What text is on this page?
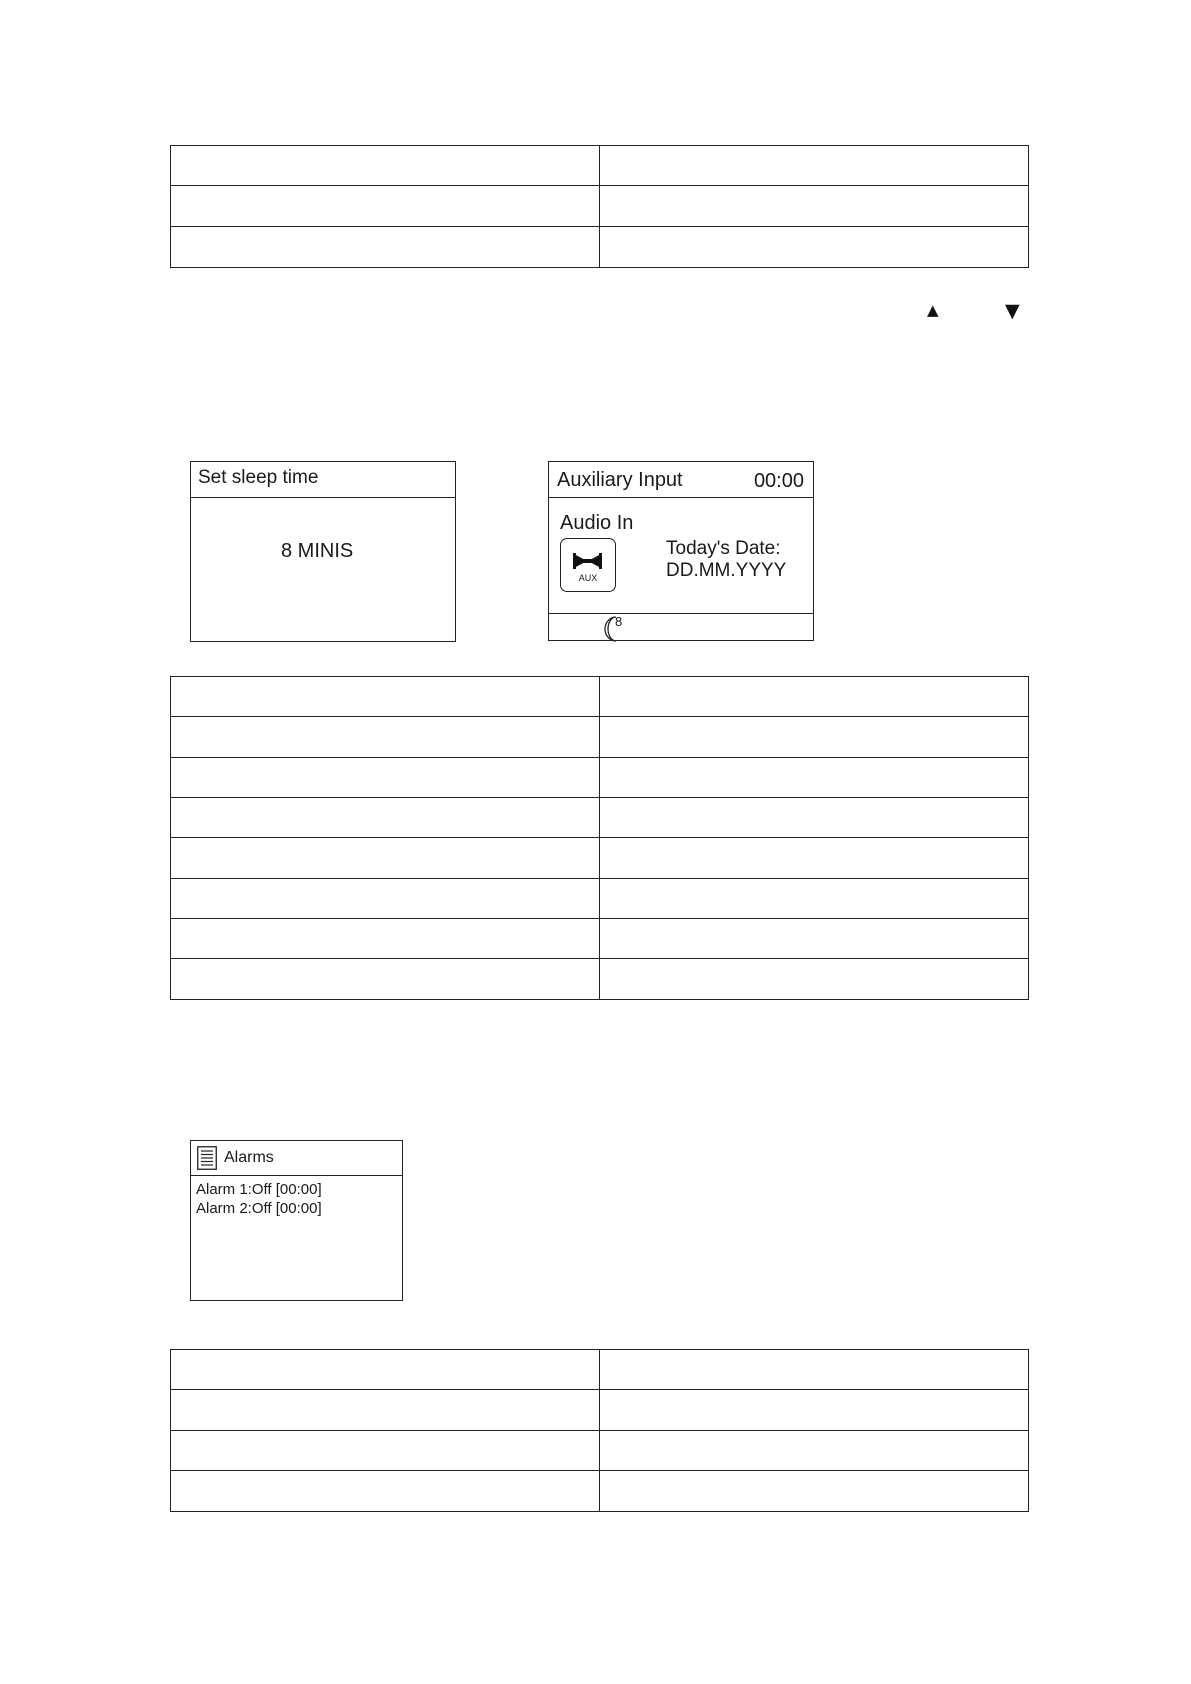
▲	▼
Set sleep time
8 MINIS
Auxiliary Input	00:00
Audio In
AUX
Today's Date:
DD.MM.YYYY
8

Alarms
Alarm 1:Off [00:00]
Alarm 2:Off [00:00]
